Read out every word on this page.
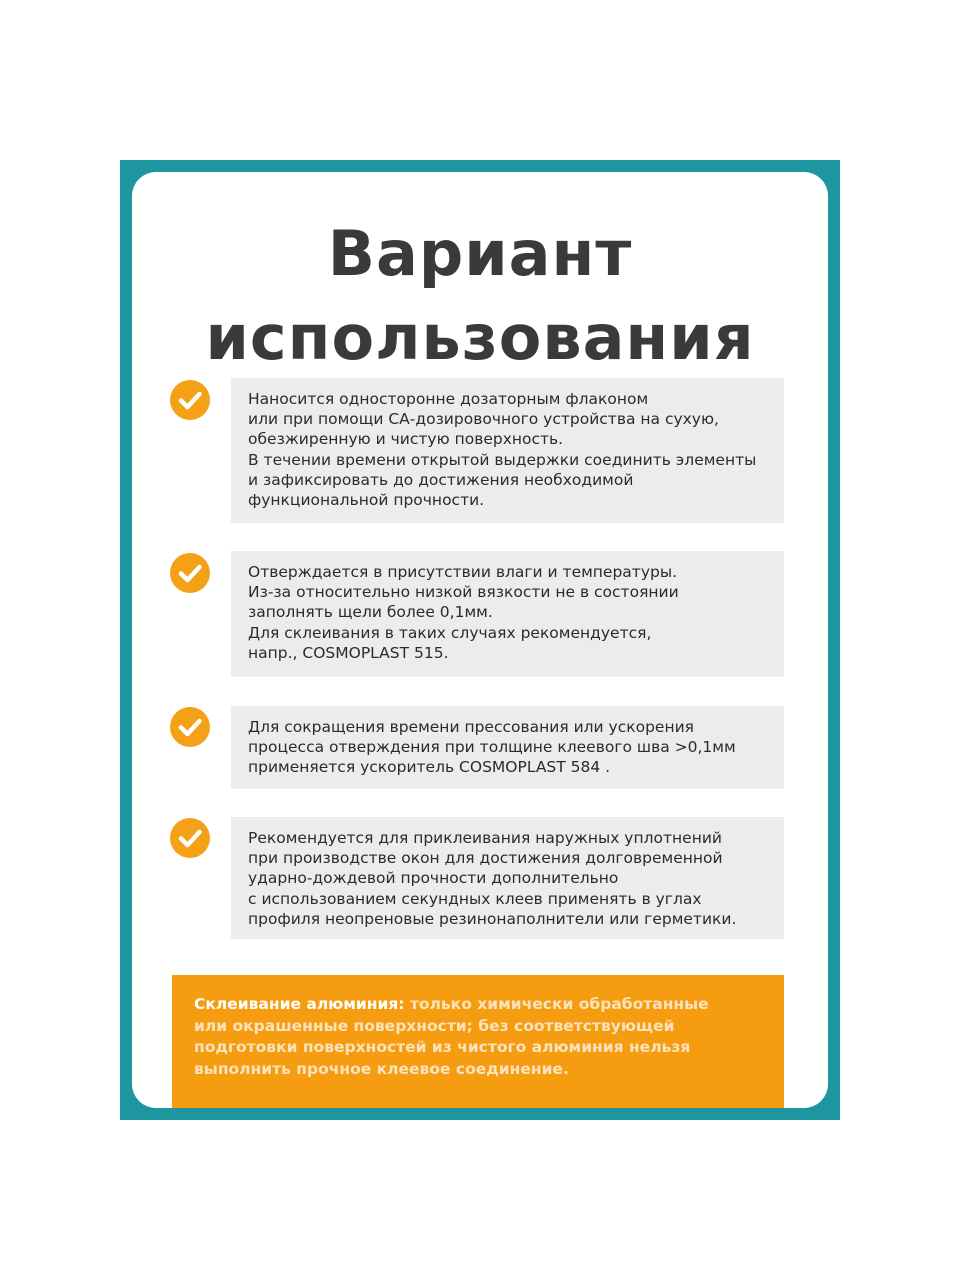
Вариант
использования
Наносится односторонне дозаторным флаконом
или при помощи СА-дозировочного устройства на сухую,
обезжиренную и чистую поверхность.
В течении времени открытой выдержки соединить элементы
и зафиксировать до достижения необходимой
функциональной прочности.
Отверждается в присутствии влаги и температуры.
Из-за относительно низкой вязкости не в состоянии
заполнять щели более 0,1мм.
Для склеивания в таких случаях рекомендуется,
напр., COSMOPLAST 515.
Для сокращения времени прессования или ускорения
процесса отверждения при толщине клеевого шва >0,1мм
применяется ускоритель COSMOPLAST 584 .
Рекомендуется для приклеивания наружных уплотнений
при производстве окон для достижения долговременной
ударно-дождевой прочности дополнительно
с использованием секундных клеев применять в углах
профиля неопреновые резинонаполнители или герметики.
Склеивание алюминия: только химически обработанные
или окрашенные поверхности; без соответствующей
подготовки поверхностей из чистого алюминия нельзя
выполнить прочное клеевое соединение.
